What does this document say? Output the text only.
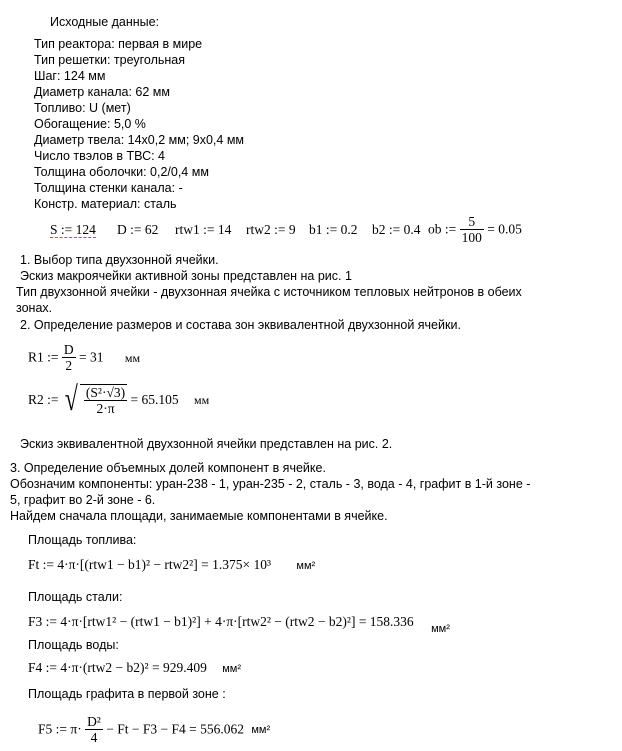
Исходные данные:
Тип реактора: первая в мире
Тип решетки: треугольная
Шаг: 124 мм
Диаметр канала: 62 мм
Топливо: U (мет)
Обогащение: 5,0 %
Диаметр твела: 14x0,2 мм; 9x0,4 мм
Число твэлов в ТВС: 4
Толщина оболочки: 0,2/0,4 мм
Толщина стенки канала: -
Констр. материал: сталь
S := 124 D := 62 rtw1 := 14 rtw2 := 9 b1 := 0.2 b2 := 0.4 ob := $\frac{5}{100} = 0.05$
1. Выбор типа двухзонной ячейки.
Эскиз макроячейки активной зоны представлен на рис. 1
Тип двухзонной ячейки - двухзонная ячейка с источником тепловых нейтронов в обеих
зонах.
2. Определение размеров и состава зон эквивалентной двухзонной ячейки.
R1 := $\frac{D}{2} = 31$ мм
R2 := √ $\frac{\text{(S²·√3)}}{2\cdot\pi} = 65.105$ мм
Эскиз эквивалентной двухзонной ячейки представлен на рис. 2.
3. Определение объемных долей компонент в ячейке.
Обозначим компоненты: уран-238 - 1, уран-235 - 2, сталь - 3, вода - 4, графит в 1-й зоне -
5, графит во 2-й зоне - 6.
Найдем сначала площади, занимаемые компонентами в ячейке.
Площадь топлива:
Ft := 4·π·[(rtw1 − b1)² − rtw2²] = 1.375× 10³ мм²
Площадь стали:
F3 := 4·π·[rtw1² − (rtw1 − b1)²] + 4·π·[rtw2² − (rtw2 − b2)²] = 158.336 $_{мм^2}$
Площадь воды:
F4 := 4·π·(rtw2 − b2)² = 929.409 мм²
Площадь графита в первой зоне :
F5 := $\pi\cdot \frac{\text{D²}}{4} - Ft - F3 - F4 = 556.062$ мм²
